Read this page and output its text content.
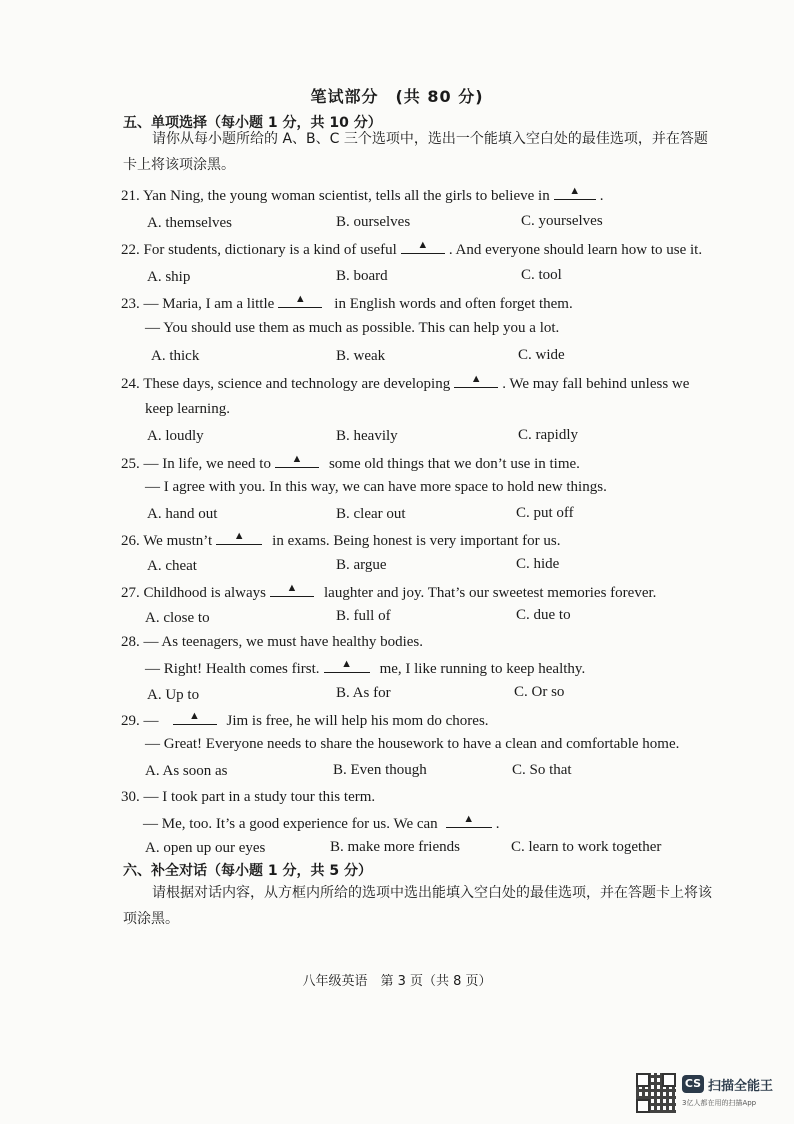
笔试部分　(共 80 分)
五、单项选择（每小题 1 分，共 10 分）
请你从每小题所给的 A、B、C 三个选项中，选出一个能填入空白处的最佳选项，并在答题卡上将该项涂黑。
21. Yan Ning, the young woman scientist, tells all the girls to believe in ▲ .
A. themselves	B. ourselves	C. yourselves
22. For students, dictionary is a kind of useful ▲ . And everyone should learn how to use it.
A. ship	B. board	C. tool
23. — Maria, I am a little ▲ in English words and often forget them.
— You should use them as much as possible. This can help you a lot.
A. thick	B. weak	C. wide
24. These days, science and technology are developing ▲ . We may fall behind unless we
keep learning.
A. loudly	B. heavily	C. rapidly
25. — In life, we need to ▲ some old things that we don’t use in time.
— I agree with you. In this way, we can have more space to hold new things.
A. hand out	B. clear out	C. put off
26. We mustn’t ▲ in exams. Being honest is very important for us.
A. cheat	B. argue	C. hide
27. Childhood is always ▲ laughter and joy. That’s our sweetest memories forever.
A. close to	B. full of	C. due to
28. — As teenagers, we must have healthy bodies.
— Right! Health comes first. ▲ me, I like running to keep healthy.
A. Up to	B. As for	C. Or so
29. —	▲ Jim is free, he will help his mom do chores.
— Great! Everyone needs to share the housework to have a clean and comfortable home.
A. As soon as	B. Even though	C. So that
30. — I took part in a study tour this term.
— Me, too. It’s a good experience for us. We can ▲ .
A. open up our eyes	B. make more friends	C. learn to work together
六、补全对话（每小题 1 分，共 5 分）
请根据对话内容，从方框内所给的选项中选出能填入空白处的最佳选项，并在答题卡上将该项涂黑。
八年级英语　第 3 页（共 8 页）
CS 扫描全能王
3亿人都在用的扫描App
